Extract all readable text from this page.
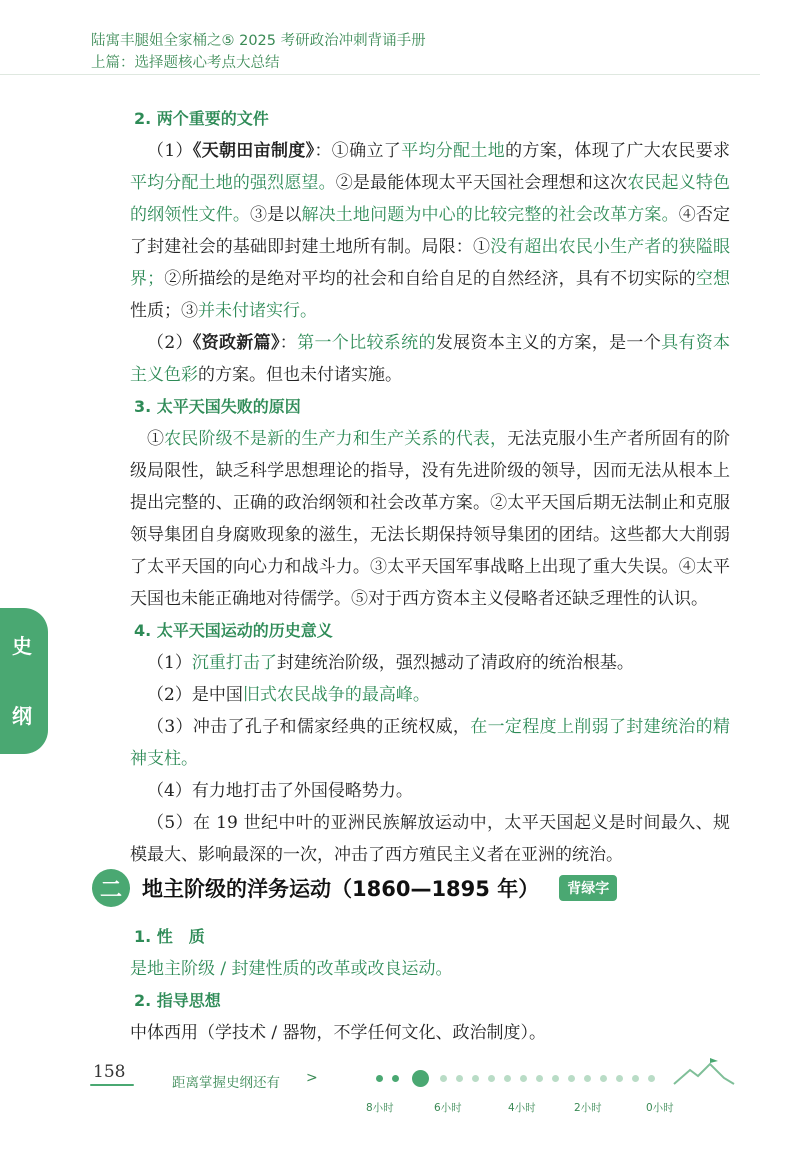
陆寓丰腿姐全家桶之⑤ 2025 考研政治冲刺背诵手册
上篇：选择题核心考点大总结
史
纲
2. 两个重要的文件
（1）《天朝田亩制度》：①确立了平均分配土地的方案，体现了广大农民要求平均分配土地的强烈愿望。②是最能体现太平天国社会理想和这次农民起义特色的纲领性文件。③是以解决土地问题为中心的比较完整的社会改革方案。④否定了封建社会的基础即封建土地所有制。局限：①没有超出农民小生产者的狭隘眼界；②所描绘的是绝对平均的社会和自给自足的自然经济，具有不切实际的空想性质；③并未付诸实行。
（2）《资政新篇》：第一个比较系统的发展资本主义的方案，是一个具有资本主义色彩的方案。但也未付诸实施。
3. 太平天国失败的原因
①农民阶级不是新的生产力和生产关系的代表，无法克服小生产者所固有的阶级局限性，缺乏科学思想理论的指导，没有先进阶级的领导，因而无法从根本上提出完整的、正确的政治纲领和社会改革方案。②太平天国后期无法制止和克服领导集团自身腐败现象的滋生，无法长期保持领导集团的团结。这些都大大削弱了太平天国的向心力和战斗力。③太平天国军事战略上出现了重大失误。④太平天国也未能正确地对待儒学。⑤对于西方资本主义侵略者还缺乏理性的认识。
4. 太平天国运动的历史意义
（1）沉重打击了封建统治阶级，强烈撼动了清政府的统治根基。
（2）是中国旧式农民战争的最高峰。
（3）冲击了孔子和儒家经典的正统权威，在一定程度上削弱了封建统治的精神支柱。
（4）有力地打击了外国侵略势力。
（5）在 19 世纪中叶的亚洲民族解放运动中，太平天国起义是时间最久、规模最大、影响最深的一次，冲击了西方殖民主义者在亚洲的统治。
二 地主阶级的洋务运动（1860—1895 年）	背绿字
1. 性　质
是地主阶级 / 封建性质的改革或改良运动。
2. 指导思想
中体西用（学技术 / 器物，不学任何文化、政治制度）。
158
距离掌握史纲还有 >
8小时	6小时	4小时	2小时	0小时
